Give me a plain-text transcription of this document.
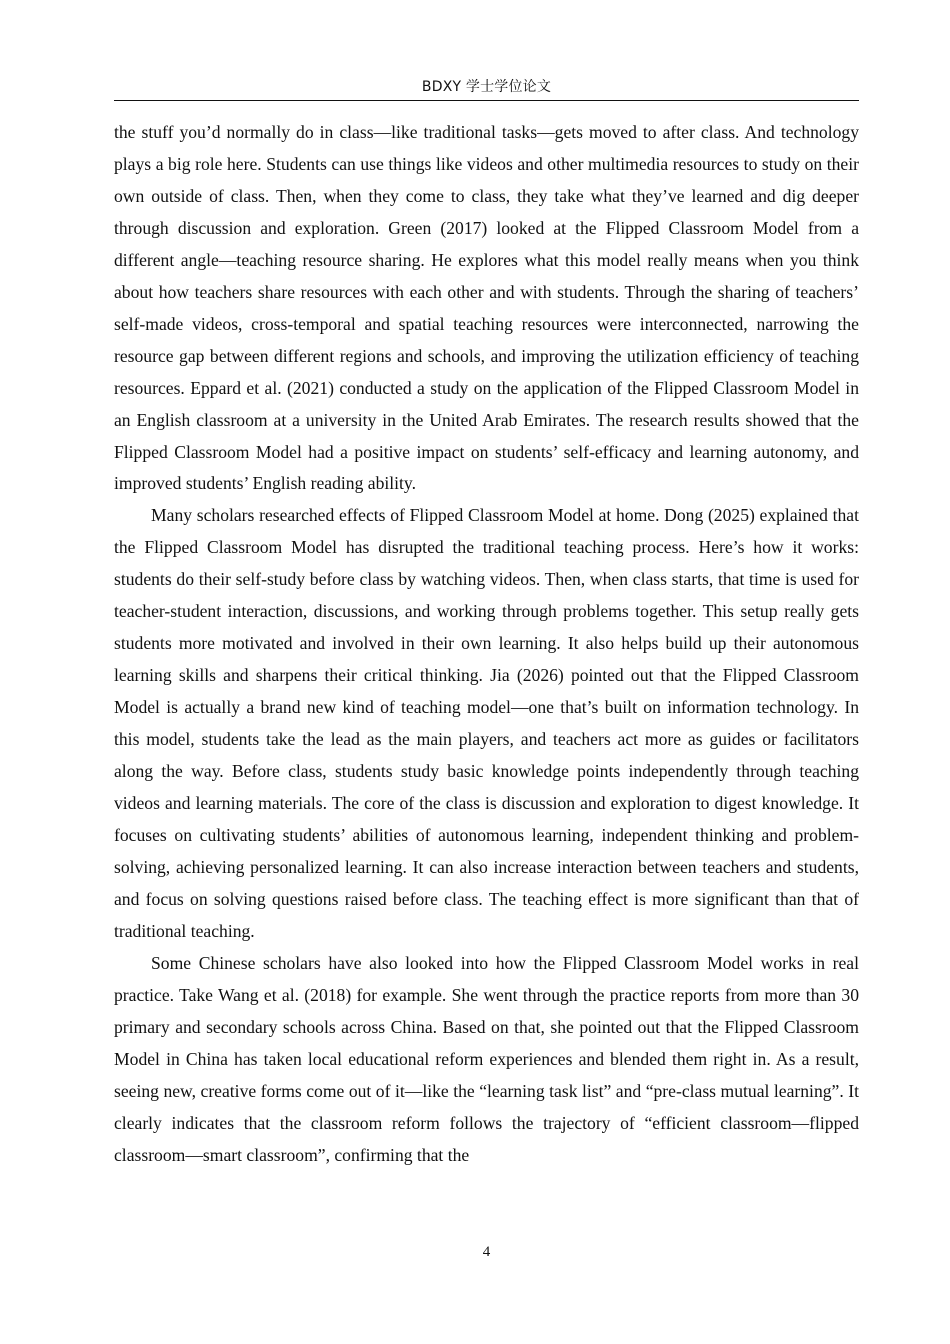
BDXY 学士学位论文

the stuff you’d normally do in class—like traditional tasks—gets moved to after class. And technology plays a big role here. Students can use things like videos and other multimedia resources to study on their own outside of class. Then, when they come to class, they take what they’ve learned and dig deeper through discussion and exploration. Green (2017) looked at the Flipped Classroom Model from a different angle—teaching resource sharing. He explores what this model really means when you think about how teachers share resources with each other and with students. Through the sharing of teachers’ self-made videos, cross-temporal and spatial teaching resources were interconnected, narrowing the resource gap between different regions and schools, and improving the utilization efficiency of teaching resources. Eppard et al. (2021) conducted a study on the application of the Flipped Classroom Model in an English classroom at a university in the United Arab Emirates. The research results showed that the Flipped Classroom Model had a positive impact on students’ self-efficacy and learning autonomy, and improved students’ English reading ability.

Many scholars researched effects of Flipped Classroom Model at home. Dong (2025) explained that the Flipped Classroom Model has disrupted the traditional teaching process. Here’s how it works: students do their self-study before class by watching videos. Then, when class starts, that time is used for teacher-student interaction, discussions, and working through problems together. This setup really gets students more motivated and involved in their own learning. It also helps build up their autonomous learning skills and sharpens their critical thinking. Jia (2026) pointed out that the Flipped Classroom Model is actually a brand new kind of teaching model—one that’s built on information technology. In this model, students take the lead as the main players, and teachers act more as guides or facilitators along the way. Before class, students study basic knowledge points independently through teaching videos and learning materials. The core of the class is discussion and exploration to digest knowledge. It focuses on cultivating students’ abilities of autonomous learning, independent thinking and problem-solving, achieving personalized learning. It can also increase interaction between teachers and students, and focus on solving questions raised before class. The teaching effect is more significant than that of traditional teaching.

Some Chinese scholars have also looked into how the Flipped Classroom Model works in real practice. Take Wang et al. (2018) for example. She went through the practice reports from more than 30 primary and secondary schools across China. Based on that, she pointed out that the Flipped Classroom Model in China has taken local educational reform experiences and blended them right in. As a result, seeing new, creative forms come out of it—like the “learning task list” and “pre-class mutual learning”. It clearly indicates that the classroom reform follows the trajectory of “efficient classroom—flipped classroom—smart classroom”, confirming that the

4
